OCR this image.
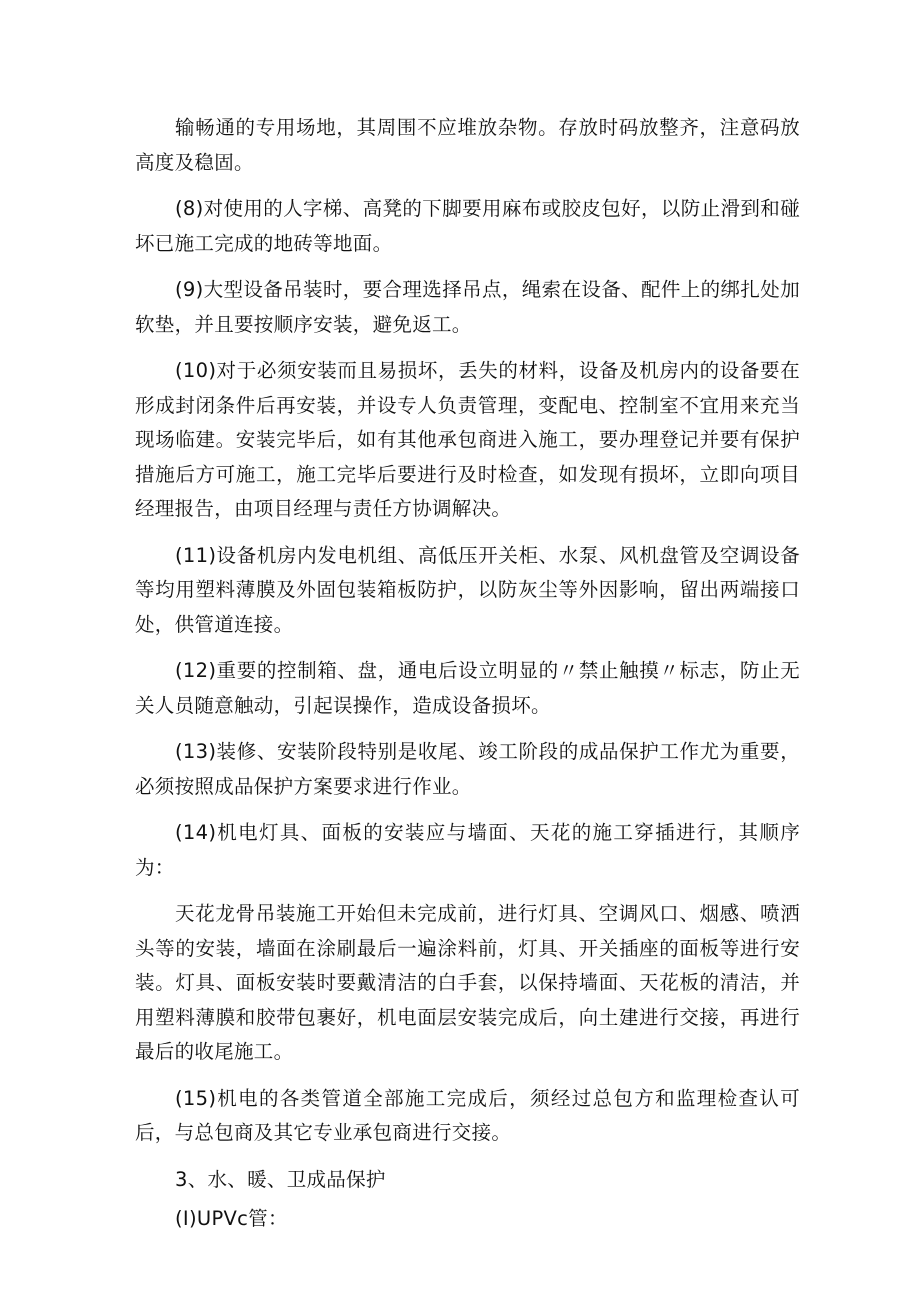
输畅通的专用场地，其周围不应堆放杂物。存放时码放整齐，注意码放高度及稳固。

(8)对使用的人字梯、高凳的下脚要用麻布或胶皮包好，以防止滑到和碰坏已施工完成的地砖等地面。

(9)大型设备吊装时，要合理选择吊点，绳索在设备、配件上的绑扎处加软垫，并且要按顺序安装，避免返工。

(10)对于必须安装而且易损坏，丢失的材料，设备及机房内的设备要在形成封闭条件后再安装，并设专人负责管理，变配电、控制室不宜用来充当现场临建。安装完毕后，如有其他承包商进入施工，要办理登记并要有保护措施后方可施工，施工完毕后要进行及时检查，如发现有损坏，立即向项目经理报告，由项目经理与责任方协调解决。

(11)设备机房内发电机组、高低压开关柜、水泵、风机盘管及空调设备等均用塑料薄膜及外固包装箱板防护，以防灰尘等外因影响，留出两端接口处，供管道连接。

(12)重要的控制箱、盘，通电后设立明显的〃禁止触摸〃标志，防止无关人员随意触动，引起误操作，造成设备损坏。

(13)装修、安装阶段特别是收尾、竣工阶段的成品保护工作尤为重要，必须按照成品保护方案要求进行作业。

(14)机电灯具、面板的安装应与墙面、天花的施工穿插进行，其顺序为：

天花龙骨吊装施工开始但未完成前，进行灯具、空调风口、烟感、喷洒头等的安装，墙面在涂刷最后一遍涂料前，灯具、开关插座的面板等进行安装。灯具、面板安装时要戴清洁的白手套，以保持墙面、天花板的清洁，并用塑料薄膜和胶带包裹好，机电面层安装完成后，向土建进行交接，再进行最后的收尾施工。

(15)机电的各类管道全部施工完成后，须经过总包方和监理检查认可后，与总包商及其它专业承包商进行交接。

3、水、暖、卫成品保护

(I)UPVc管：
